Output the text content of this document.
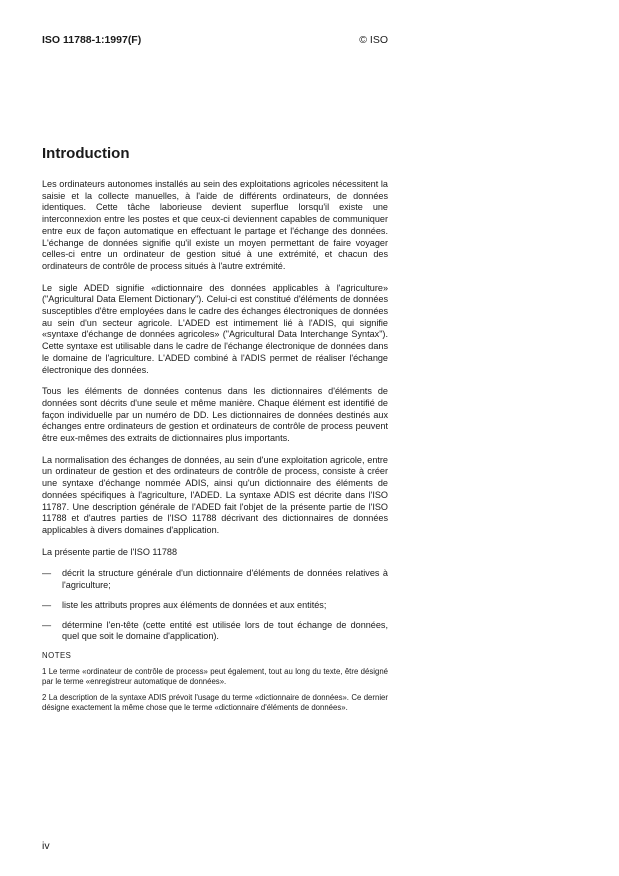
ISO 11788-1:1997(F)	© ISO
Introduction

Les ordinateurs autonomes installés au sein des exploitations agricoles nécessitent la saisie et la collecte manuelles, à l'aide de différents ordinateurs, de données identiques. Cette tâche laborieuse devient superflue lorsqu'il existe une interconnexion entre les postes et que ceux-ci deviennent capables de communiquer entre eux de façon automatique en effectuant le partage et l'échange des données. L'échange de données signifie qu'il existe un moyen permettant de faire voyager celles-ci entre un ordinateur de gestion situé à une extrémité, et chacun des ordinateurs de contrôle de process situés à l'autre extrémité.

Le sigle ADED signifie «dictionnaire des données applicables à l'agriculture» ("Agricultural Data Element Dictionary"). Celui-ci est constitué d'éléments de données susceptibles d'être employées dans le cadre des échanges électroniques de données au sein d'un secteur agricole. L'ADED est intimement lié à l'ADIS, qui signifie «syntaxe d'échange de données agricoles» ("Agricultural Data Interchange Syntax"). Cette syntaxe est utilisable dans le cadre de l'échange électronique de données dans le domaine de l'agriculture. L'ADED combiné à l'ADIS permet de réaliser l'échange électronique des données.

Tous les éléments de données contenus dans les dictionnaires d'éléments de données sont décrits d'une seule et même manière. Chaque élément est identifié de façon individuelle par un numéro de DD. Les dictionnaires de données destinés aux échanges entre ordinateurs de gestion et ordinateurs de contrôle de process peuvent être eux-mêmes des extraits de dictionnaires plus importants.

La normalisation des échanges de données, au sein d'une exploitation agricole, entre un ordinateur de gestion et des ordinateurs de contrôle de process, consiste à créer une syntaxe d'échange nommée ADIS, ainsi qu'un dictionnaire des éléments de données spécifiques à l'agriculture, l'ADED. La syntaxe ADIS est décrite dans l'ISO 11787. Une description générale de l'ADED fait l'objet de la présente partie de l'ISO 11788 et d'autres parties de l'ISO 11788 décrivant des dictionnaires de données applicables à divers domaines d'application.

La présente partie de l'ISO 11788

— décrit la structure générale d'un dictionnaire d'éléments de données relatives à l'agriculture;
— liste les attributs propres aux éléments de données et aux entités;
— détermine l'en-tête (cette entité est utilisée lors de tout échange de données, quel que soit le domaine d'application).
NOTES

1 Le terme «ordinateur de contrôle de process» peut également, tout au long du texte, être désigné par le terme «enregistreur automatique de données».

2 La description de la syntaxe ADIS prévoit l'usage du terme «dictionnaire de données». Ce dernier désigne exactement la même chose que le terme «dictionnaire d'éléments de données».

iv
